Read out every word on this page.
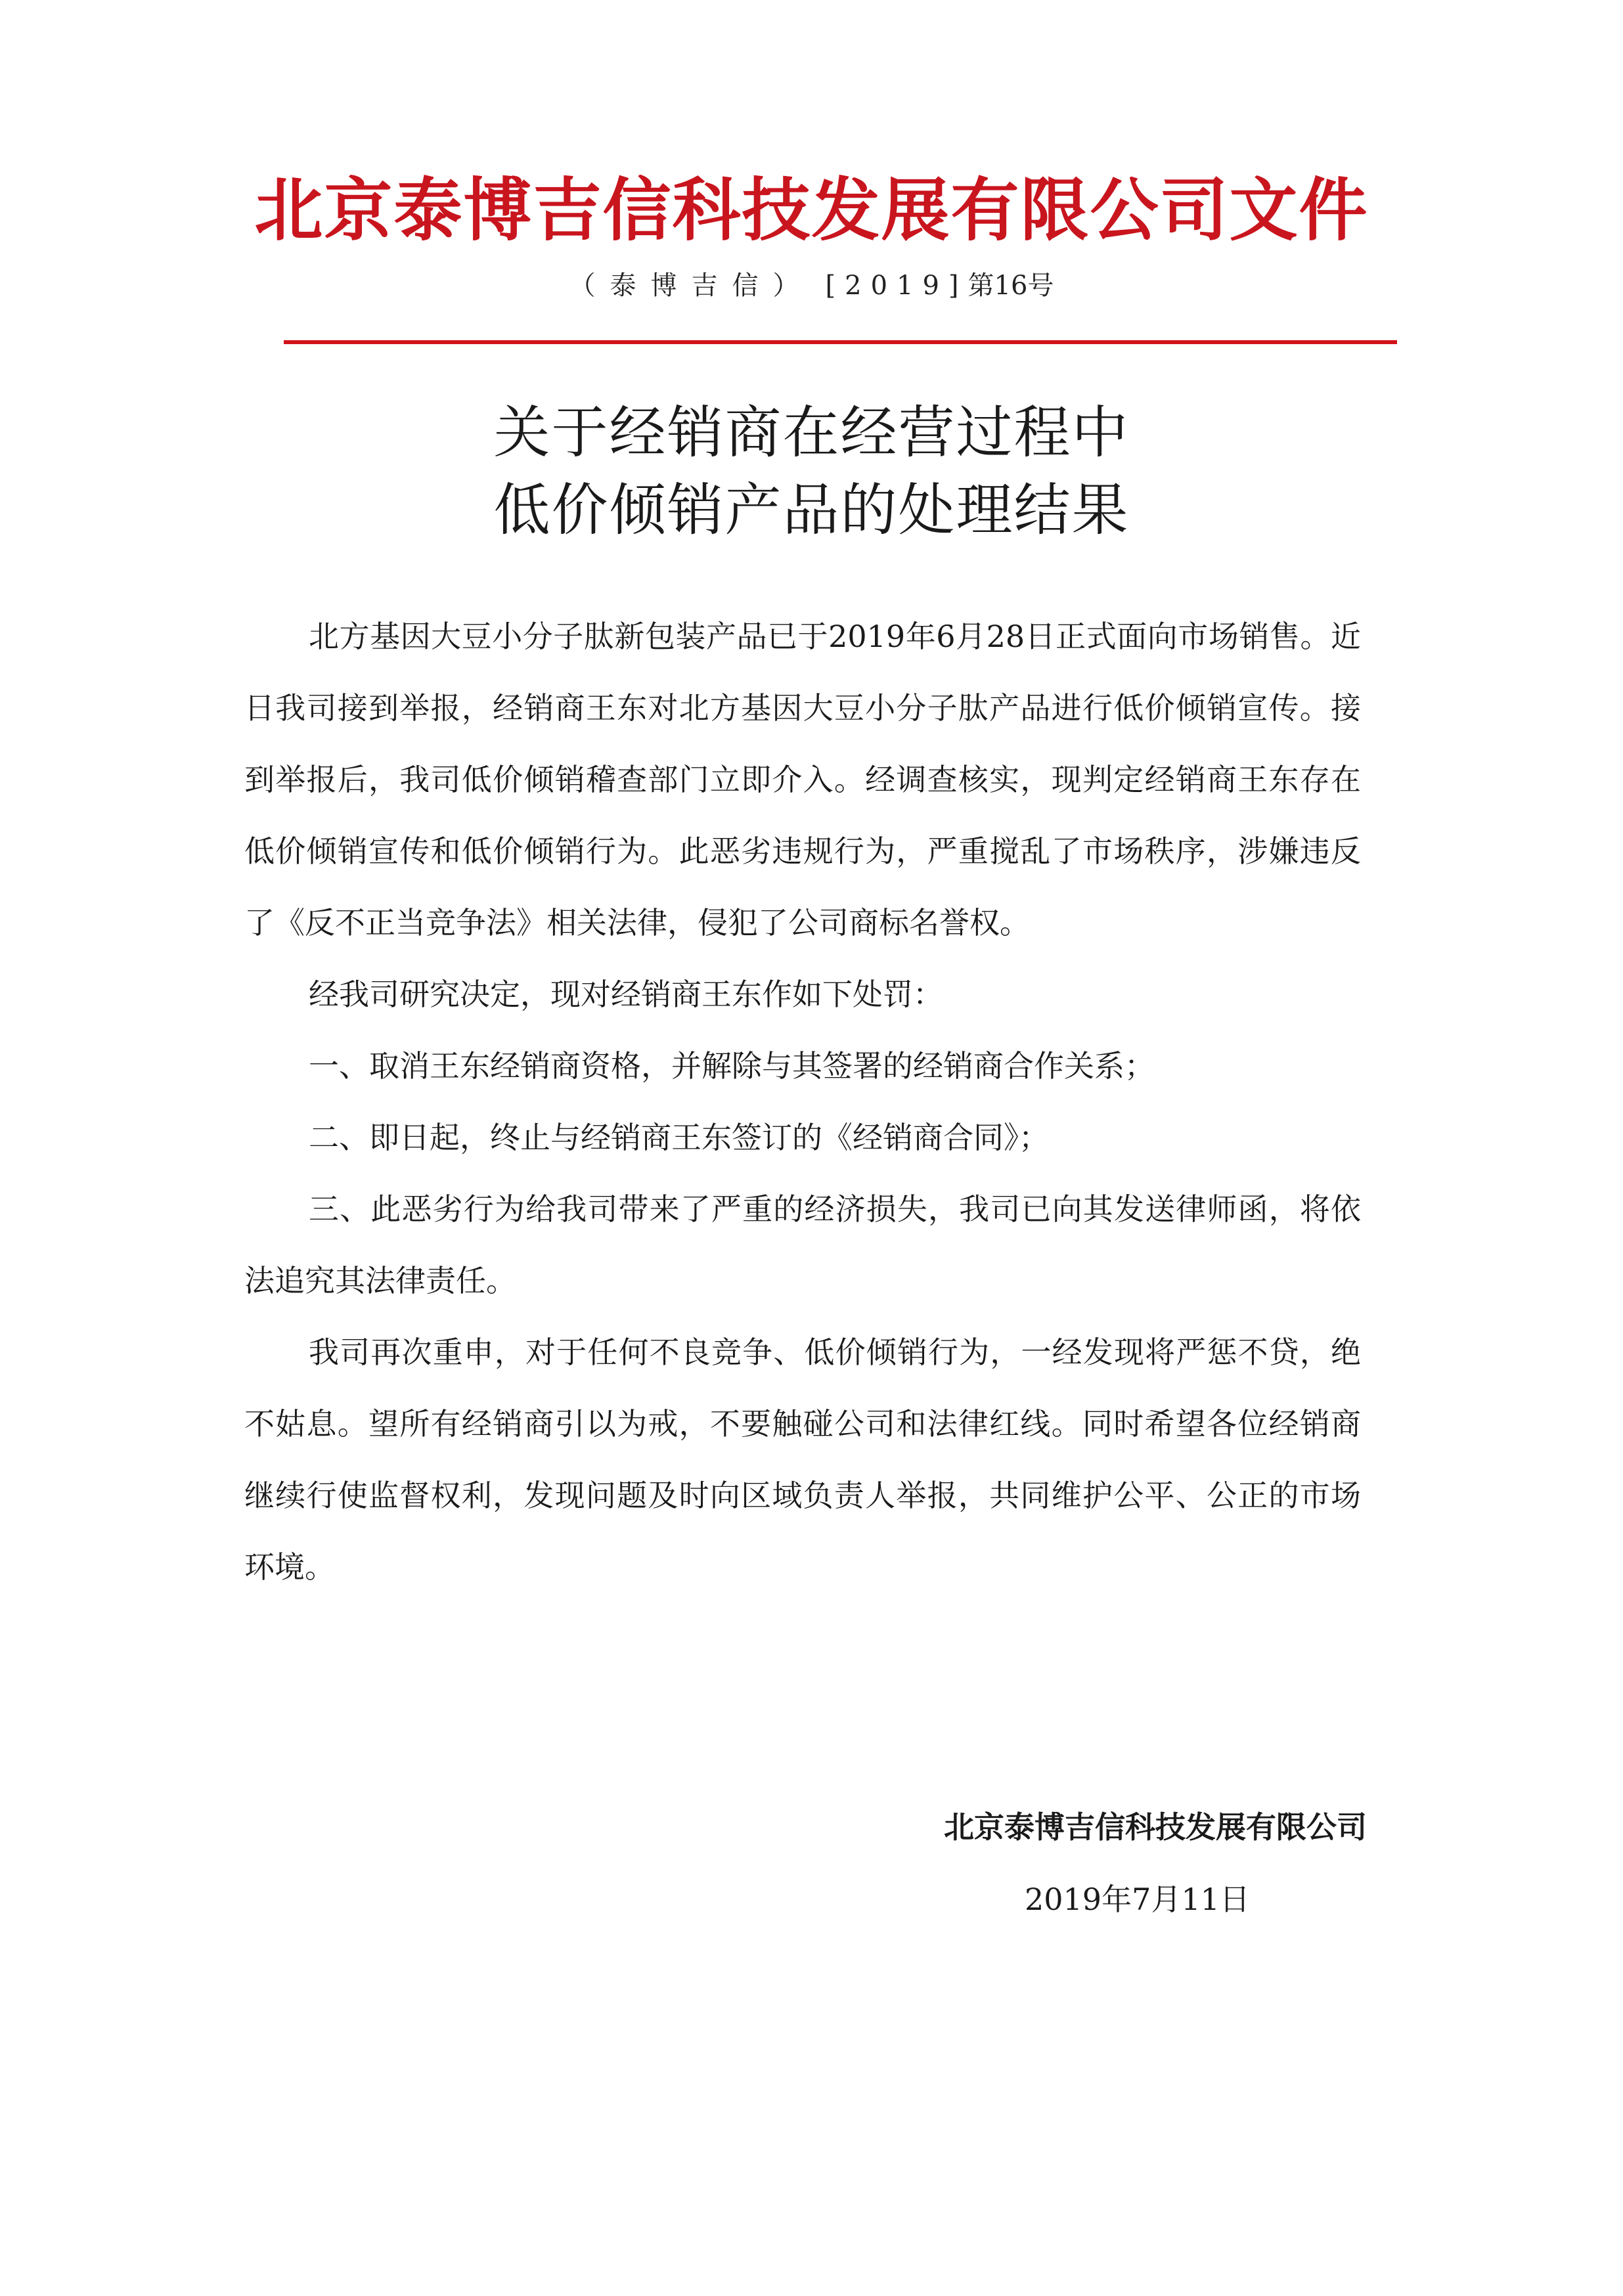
北京泰博吉信科技发展有限公司文件
（泰博吉信） [2019]第16号
关于经销商在经营过程中
低价倾销产品的处理结果

北方基因大豆小分子肽新包装产品已于2019年6月28日正式面向市场销售。近日我司接到举报，经销商王东对北方基因大豆小分子肽产品进行低价倾销宣传。接到举报后，我司低价倾销稽查部门立即介入。经调查核实，现判定经销商王东存在低价倾销宣传和低价倾销行为。此恶劣违规行为，严重搅乱了市场秩序，涉嫌违反了《反不正当竞争法》相关法律，侵犯了公司商标名誉权。

经我司研究决定，现对经销商王东作如下处罚：

一、取消王东经销商资格，并解除与其签署的经销商合作关系；

二、即日起，终止与经销商王东签订的《经销商合同》；

三、此恶劣行为给我司带来了严重的经济损失，我司已向其发送律师函，将依法追究其法律责任。

我司再次重申，对于任何不良竞争、低价倾销行为，一经发现将严惩不贷，绝不姑息。望所有经销商引以为戒，不要触碰公司和法律红线。同时希望各位经销商继续行使监督权利，发现问题及时向区域负责人举报，共同维护公平、公正的市场环境。

北京泰博吉信科技发展有限公司
2019年7月11日
